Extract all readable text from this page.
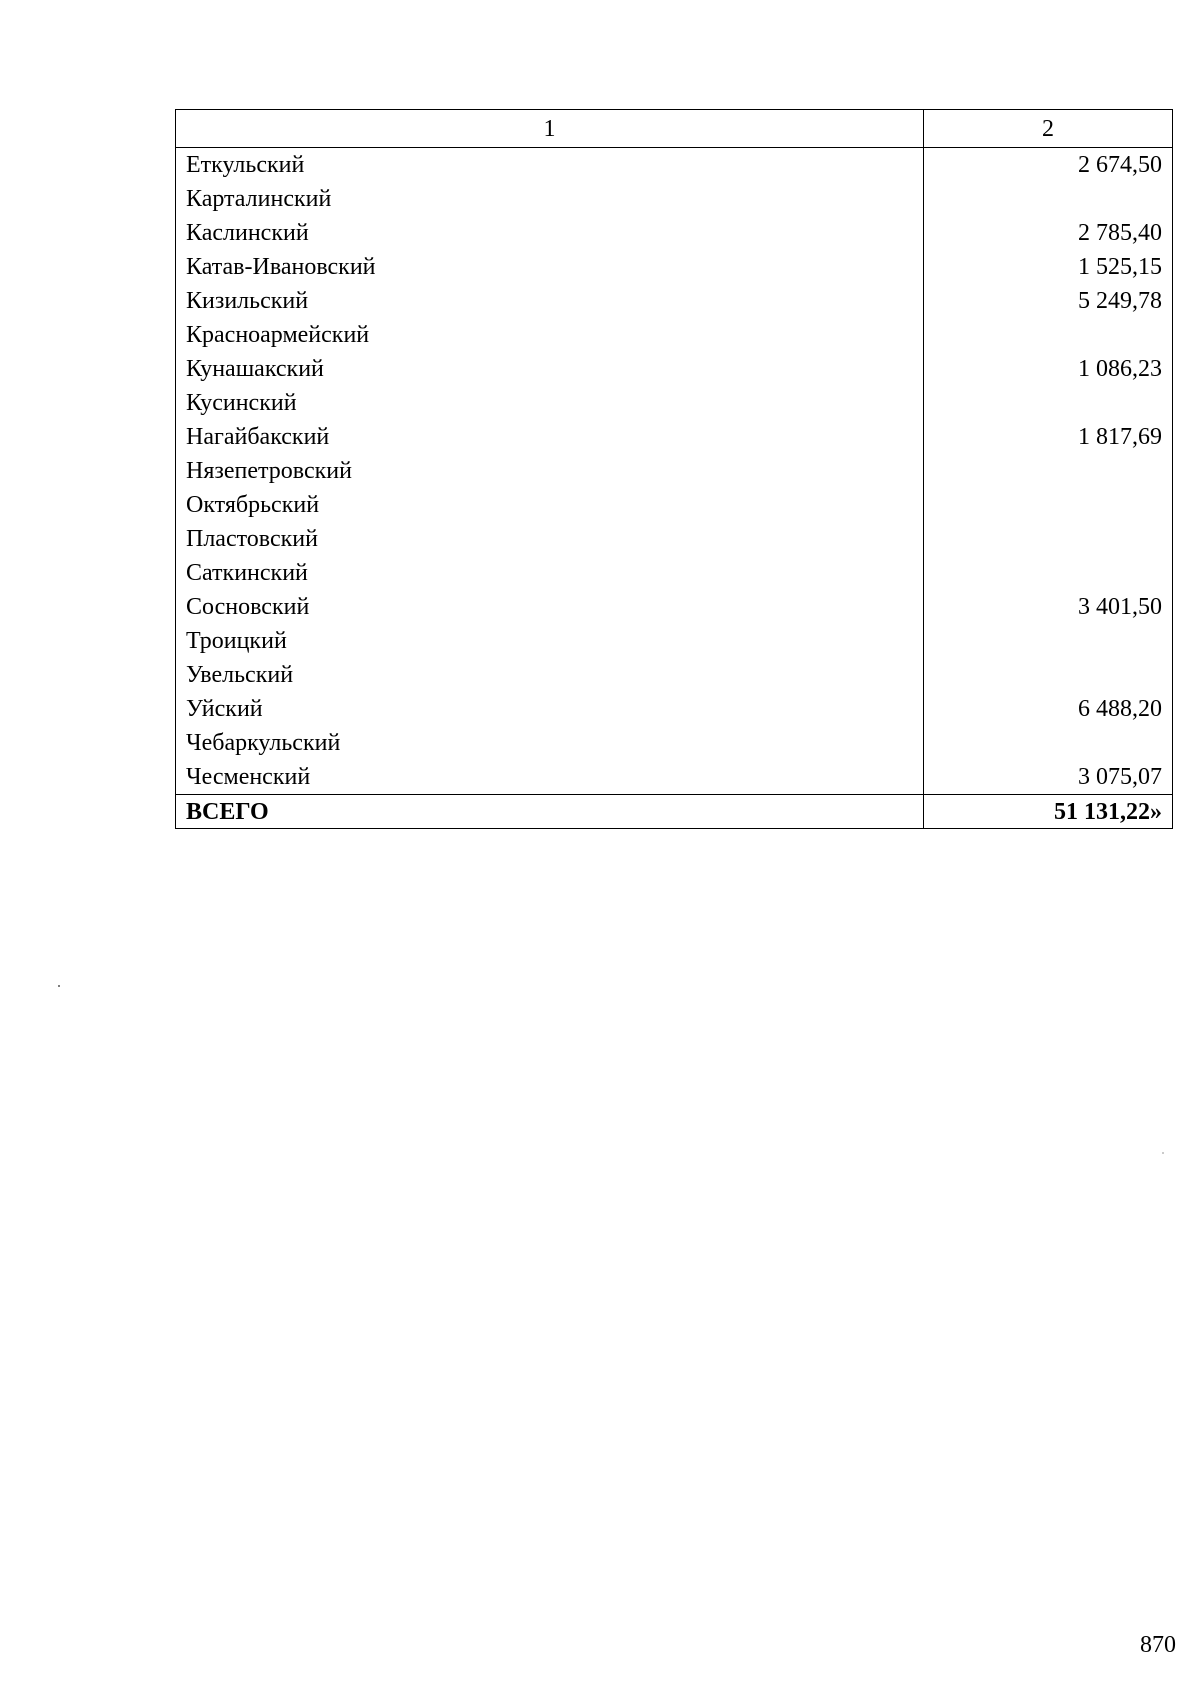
1	2
Еткульский	2 674,50
Карталинский	
Каслинский	2 785,40
Катав-Ивановский	1 525,15
Кизильский	5 249,78
Красноармейский	
Кунашакский	1 086,23
Кусинский	
Нагайбакский	1 817,69
Нязепетровский	
Октябрьский	
Пластовский	
Саткинский	
Сосновский	3 401,50
Троицкий	
Увельский	
Уйский	6 488,20
Чебаркульский	
Чесменский	3 075,07
ВСЕГО	51 131,22»
870
